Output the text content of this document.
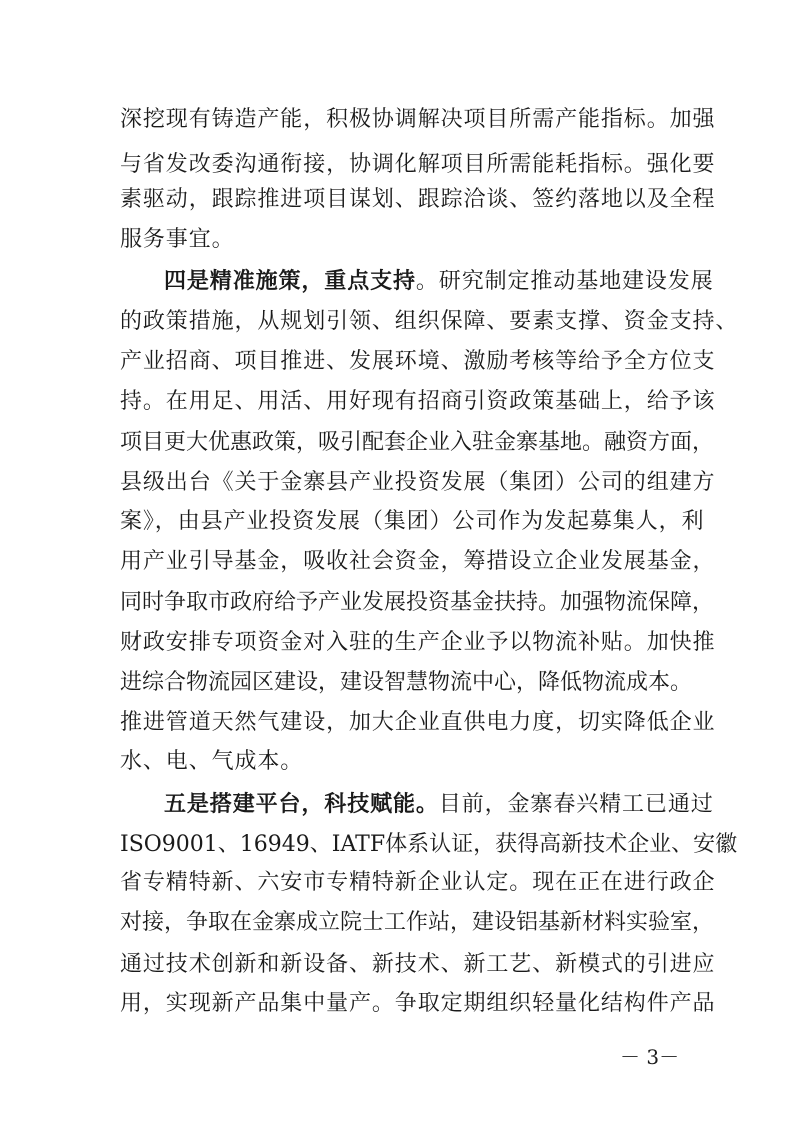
深挖现有铸造产能，积极协调解决项目所需产能指标。加强
与省发改委沟通衔接，协调化解项目所需能耗指标。强化要
素驱动，跟踪推进项目谋划、跟踪洽谈、签约落地以及全程
服务事宜。
四是精准施策，重点支持。研究制定推动基地建设发展
的政策措施，从规划引领、组织保障、要素支撑、资金支持、
产业招商、项目推进、发展环境、激励考核等给予全方位支
持。在用足、用活、用好现有招商引资政策基础上，给予该
项目更大优惠政策，吸引配套企业入驻金寨基地。融资方面，
县级出台《关于金寨县产业投资发展（集团）公司的组建方
案》，由县产业投资发展（集团）公司作为发起募集人，利
用产业引导基金，吸收社会资金，筹措设立企业发展基金，
同时争取市政府给予产业发展投资基金扶持。加强物流保障，
财政安排专项资金对入驻的生产企业予以物流补贴。加快推
进综合物流园区建设，建设智慧物流中心，降低物流成本。
推进管道天然气建设，加大企业直供电力度，切实降低企业
水、电、气成本。
五是搭建平台，科技赋能。目前，金寨春兴精工已通过
ISO9001、16949、IATF体系认证，获得高新技术企业、安徽
省专精特新、六安市专精特新企业认定。现在正在进行政企
对接，争取在金寨成立院士工作站，建设铝基新材料实验室，
通过技术创新和新设备、新技术、新工艺、新模式的引进应
用，实现新产品集中量产。争取定期组织轻量化结构件产品
－ 3－
